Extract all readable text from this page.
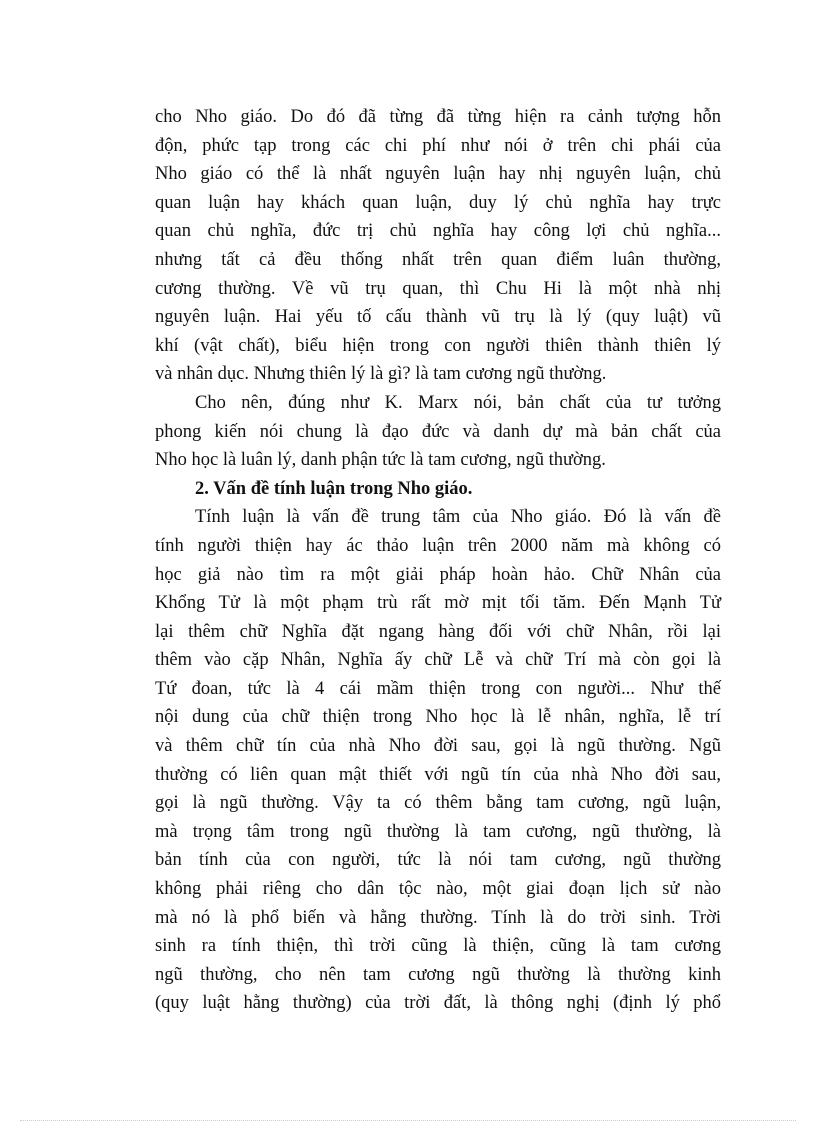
cho Nho giáo. Do đó đã từng đã từng hiện ra cảnh tượng hỗn
độn, phức tạp trong các chi phí như nói ở trên chi phái của
Nho giáo có thể là nhất nguyên luận hay nhị nguyên luận, chủ
quan luận hay khách quan luận, duy lý chủ nghĩa hay trực
quan chủ nghĩa, đức trị chủ nghĩa hay công lợi chủ nghĩa...
nhưng tất cả đều thống nhất trên quan điểm luân thường,
cương thường. Về vũ trụ quan, thì Chu Hi là một nhà nhị
nguyên luận. Hai yếu tố cấu thành vũ trụ là lý (quy luật) vũ
khí (vật chất), biểu hiện trong con người thiên thành thiên lý
và nhân dục. Nhưng thiên lý là gì? là tam cương ngũ thường.
Cho nên, đúng như K. Marx nói, bản chất của tư tưởng
phong kiến nói chung là đạo đức và danh dự mà bản chất của
Nho học là luân lý, danh phận tức là tam cương, ngũ thường.
2. Vấn đề tính luận trong Nho giáo.
Tính luận là vấn đề trung tâm của Nho giáo. Đó là vấn đề
tính người thiện hay ác thảo luận trên 2000 năm mà không có
học giả nào tìm ra một giải pháp hoàn hảo. Chữ Nhân của
Khổng Tử là một phạm trù rất mờ mịt tối tăm. Đến Mạnh Tử
lại thêm chữ Nghĩa đặt ngang hàng đối với chữ Nhân, rồi lại
thêm vào cặp Nhân, Nghĩa ấy chữ Lễ và chữ Trí mà còn gọi là
Tứ đoan, tức là 4 cái mầm thiện trong con người... Như thế
nội dung của chữ thiện trong Nho học là lễ nhân, nghĩa, lễ trí
và thêm chữ tín của nhà Nho đời sau, gọi là ngũ thường. Ngũ
thường có liên quan mật thiết với ngũ tín của nhà Nho đời sau,
gọi là ngũ thường. Vậy ta có thêm bằng tam cương, ngũ luận,
mà trọng tâm trong ngũ thường là tam cương, ngũ thường, là
bản tính của con người, tức là nói tam cương, ngũ thường
không phải riêng cho dân tộc nào, một giai đoạn lịch sử nào
mà nó là phổ biến và hằng thường. Tính là do trời sinh. Trời
sinh ra tính thiện, thì trời cũng là thiện, cũng là tam cương
ngũ thường, cho nên tam cương ngũ thường là thường kinh
(quy luật hằng thường) của trời đất, là thông nghị (định lý phổ
